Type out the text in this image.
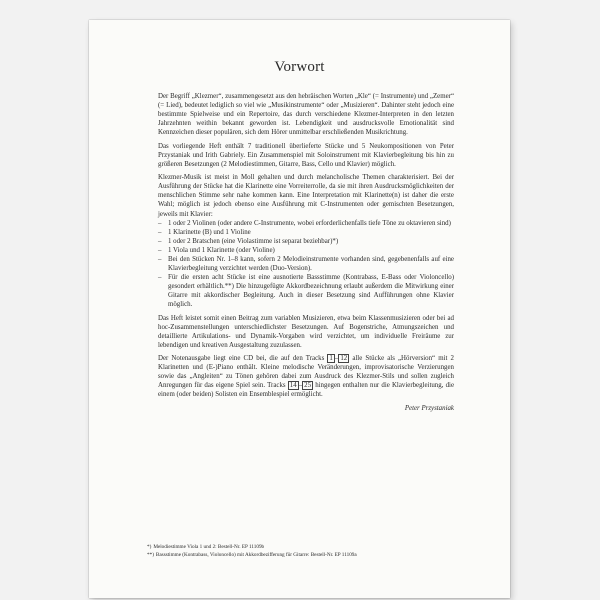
Vorwort

Der Begriff „Klezmer“, zusammengesetzt aus den hebräischen Worten „Kle“ (= Instrumente) und „Zemer“ (= Lied), bedeutet lediglich so viel wie „Musikinstrumente“ oder „Musizieren“. Dahinter steht jedoch eine bestimmte Spielweise und ein Repertoire, das durch verschiedene Klezmer-Interpreten in den letzten Jahrzehnten weithin bekannt geworden ist. Lebendigkeit und ausdrucksvolle Emotionalität sind Kennzeichen dieser populären, sich dem Hörer unmittelbar erschließenden Musikrichtung.

Das vorliegende Heft enthält 7 traditionell überlieferte Stücke und 5 Neukompositionen von Peter Przystaniak und Irith Gabriely. Ein Zusammenspiel mit Soloinstrument mit Klavierbegleitung bis hin zu größeren Besetzungen (2 Melodiestimmen, Gitarre, Bass, Cello und Klavier) möglich.

Klezmer-Musik ist meist in Moll gehalten und durch melancholische Themen charakterisiert. Bei der Ausführung der Stücke hat die Klarinette eine Vorreiterrolle, da sie mit ihren Ausdrucksmöglichkeiten der menschlichen Stimme sehr nahe kommen kann. Eine Interpretation mit Klarinette(n) ist daher die erste Wahl; möglich ist jedoch ebenso eine Ausführung mit C-Instrumenten oder gemischten Besetzungen, jeweils mit Klavier:

– 1 oder 2 Violinen (oder andere C-Instrumente, wobei erforderlichenfalls tiefe Töne zu oktavieren sind)
– 1 Klarinette (B) und 1 Violine
– 1 oder 2 Bratschen (eine Violastimme ist separat beziehbar)*)
– 1 Viola und 1 Klarinette (oder Violine)
– Bei den Stücken Nr. 1–8 kann, sofern 2 Melodieinstrumente vorhanden sind, gegebenenfalls auf eine Klavierbegleitung verzichtet werden (Duo-Version).
– Für die ersten acht Stücke ist eine ausnotierte Bassstimme (Kontrabass, E-Bass oder Violoncello) gesondert erhältlich.**) Die hinzugefügte Akkordbezeichnung erlaubt außerdem die Mitwirkung einer Gitarre mit akkordischer Begleitung. Auch in dieser Besetzung sind Aufführungen ohne Klavier möglich.

Das Heft leistet somit einen Beitrag zum variablen Musizieren, etwa beim Klassenmusizieren oder bei ad hoc-Zusammenstellungen unterschiedlichster Besetzungen. Auf Bogenstriche, Atmungszeichen und detaillierte Artikulations- und Dynamik-Vorgaben wird verzichtet, um individuelle Freiräume zur lebendigen und kreativen Ausgestaltung zuzulassen.

Der Notenausgabe liegt eine CD bei, die auf den Tracks 1 – 12 alle Stücke als „Hörversion“ mit 2 Klarinetten und (E-)Piano enthält. Kleine melodische Veränderungen, improvisatorische Verzierungen sowie das „Angleiten“ zu Tönen gehören dabei zum Ausdruck des Klezmer-Stils und sollen zugleich Anregungen für das eigene Spiel sein. Tracks 14 – 25 hingegen enthalten nur die Klavierbegleitung, die einem (oder beiden) Solisten ein Ensemblespiel ermöglicht.

Peter Przystaniak
*) Melodiestimme Viola 1 und 2: Bestell-Nr. EP 11109b
**) Bassstimme (Kontrabass, Violoncello) mit Akkordbezifferung für Gitarre: Bestell-Nr. EP 11109a
